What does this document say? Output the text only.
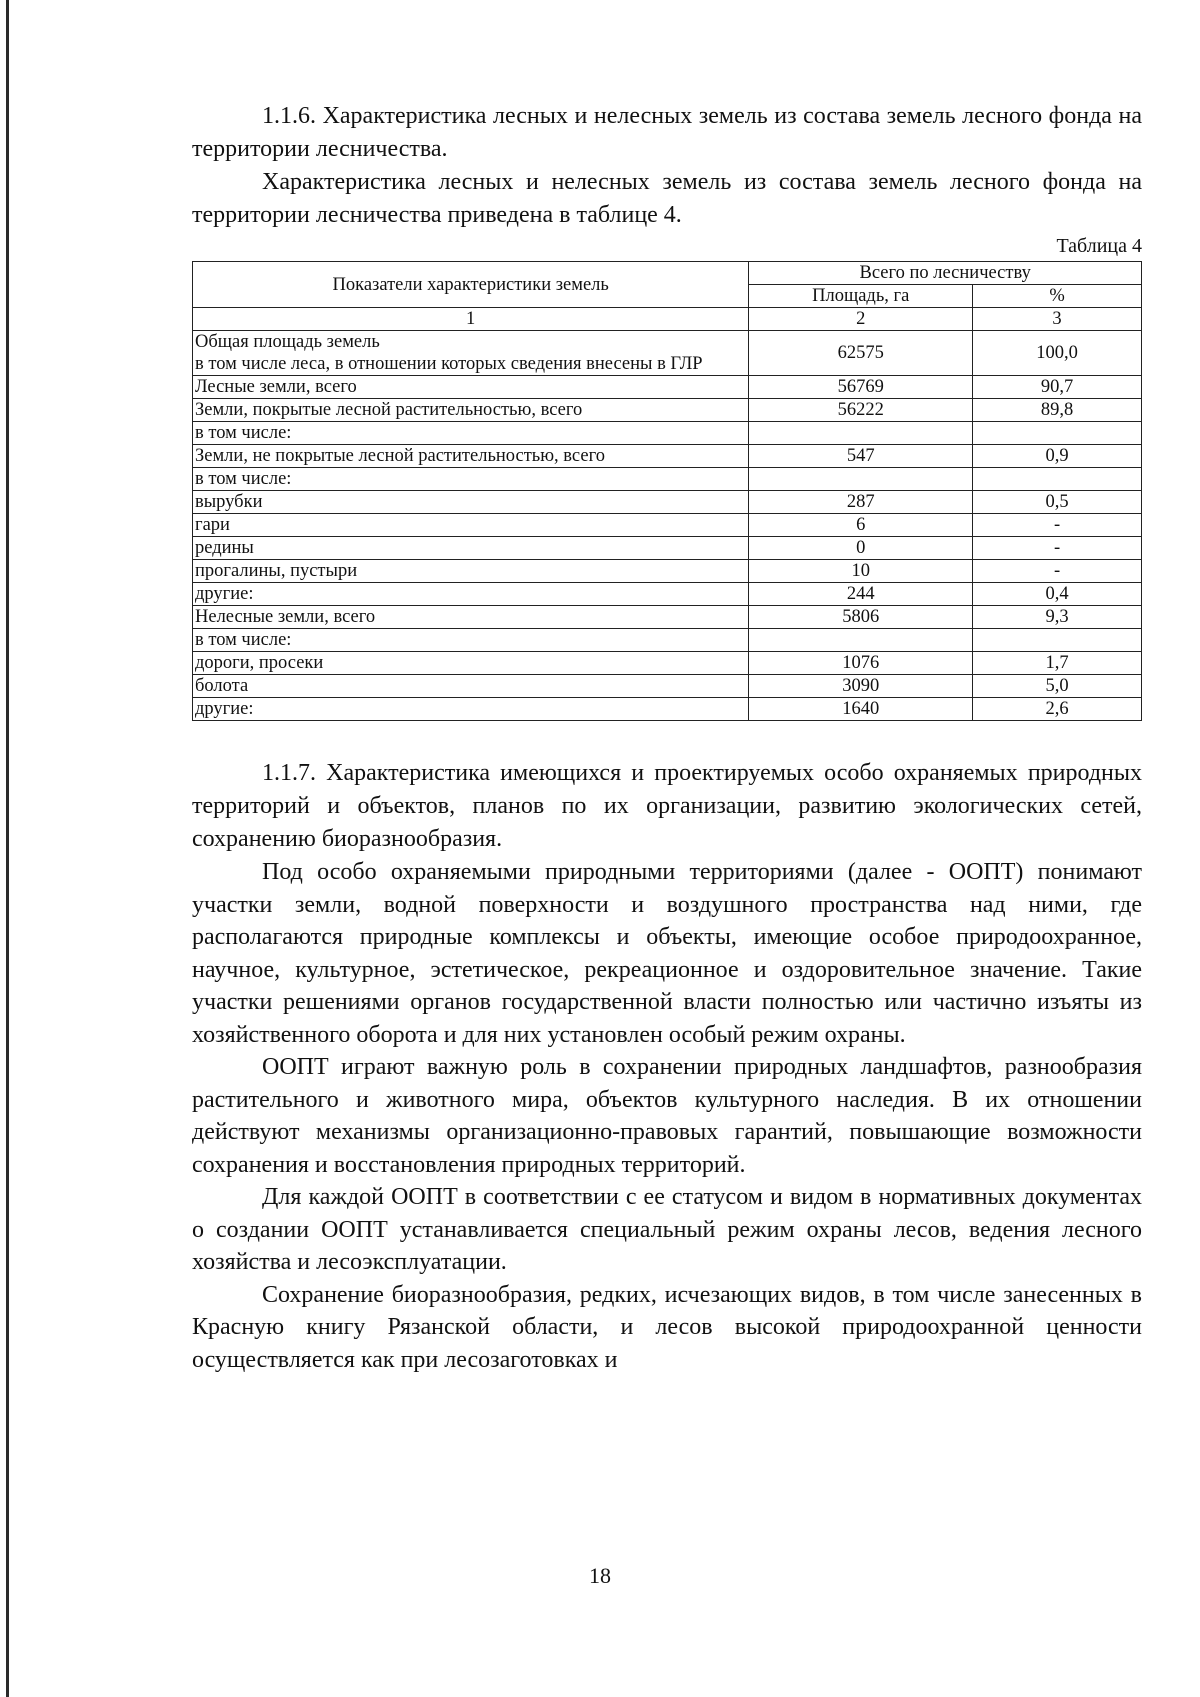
1.1.6. Характеристика лесных и нелесных земель из состава земель лесного фонда на территории лесничества.

Характеристика лесных и нелесных земель из состава земель лесного фонда на территории лесничества приведена в таблице 4.

Таблица 4
Показатели характеристики земель	Всего по лесничеству	
	Площадь, га	%
1	2	3

Общая площадь земель
в том числе леса, в отношении которых сведения внесены в ГЛР	62575	100,0
Лесные земли, всего	56769	90,7
Земли, покрытые лесной растительностью, всего	56222	89,8
в том числе:		
Земли, не покрытые лесной растительностью, всего	547	0,9
в том числе:		
вырубки	287	0,5
гари	6	-
редины	0	-
прогалины, пустыри	10	-
другие:	244	0,4
Нелесные земли, всего	5806	9,3
в том числе:		
дороги, просеки	1076	1,7
болота	3090	5,0
другие:	1640	2,6

1.1.7. Характеристика имеющихся и проектируемых особо охраняемых природных территорий и объектов, планов по их организации, развитию экологических сетей, сохранению биоразнообразия.

Под особо охраняемыми природными территориями (далее - ООПТ) понимают участки земли, водной поверхности и воздушного пространства над ними, где располагаются природные комплексы и объекты, имеющие особое природоохранное, научное, культурное, эстетическое, рекреационное и оздоровительное значение. Такие участки решениями органов государственной власти полностью или частично изъяты из хозяйственного оборота и для них установлен особый режим охраны.

ООПТ играют важную роль в сохранении природных ландшафтов, разнообразия растительного и животного мира, объектов культурного наследия. В их отношении действуют механизмы организационно-правовых гарантий, повышающие возможности сохранения и восстановления природных территорий.

Для каждой ООПТ в соответствии с ее статусом и видом в нормативных документах о создании ООПТ устанавливается специальный режим охраны лесов, ведения лесного хозяйства и лесоэксплуатации.

Сохранение биоразнообразия, редких, исчезающих видов, в том числе занесенных в Красную книгу Рязанской области, и лесов высокой природоохранной ценности осуществляется как при лесозаготовках и

18
